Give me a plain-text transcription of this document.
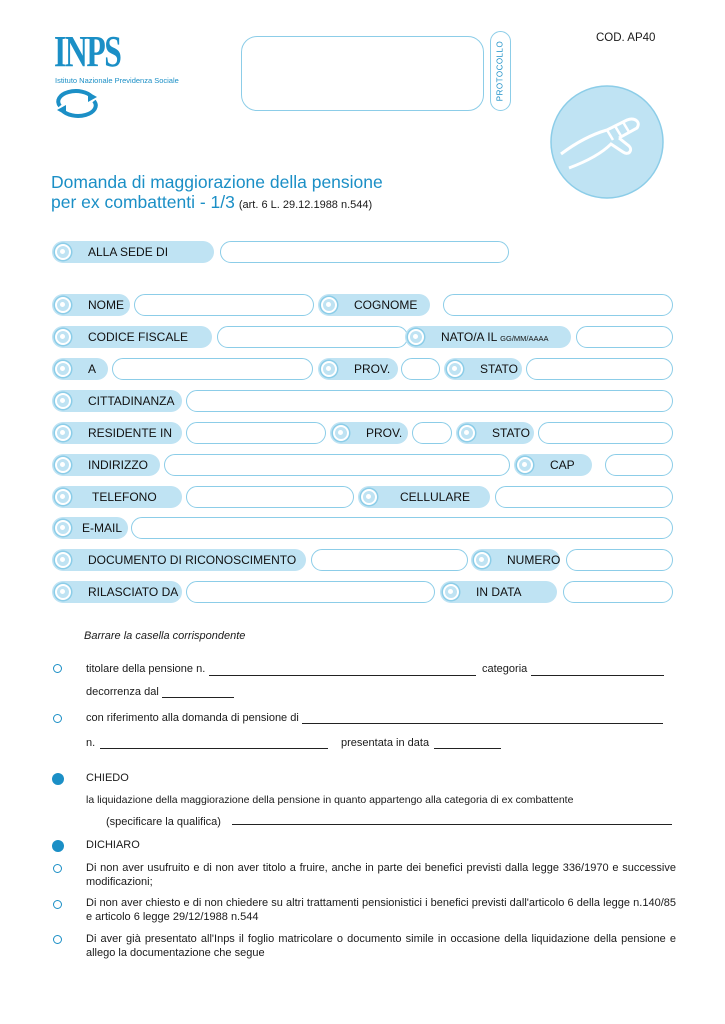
INPS
Istituto Nazionale Previdenza Sociale	PROTOCOLLO
COD. AP40
Domanda di maggiorazione della pensione
per ex combattenti - 1/3 (art. 6 L. 29.12.1988 n.544)
ALLA SEDE DI
NOME	COGNOME
CODICE FISCALE	NATO/A IL GG/MM/AAAA
A	PROV.	STATO
CITTADINANZA
RESIDENTE IN	PROV.	STATO
INDIRIZZO	CAP
TELEFONO	CELLULARE
E-MAIL
DOCUMENTO DI RICONOSCIMENTO	NUMERO
RILASCIATO DA	IN DATA
Barrare la casella corrispondente
titolare della pensione n.	categoria
decorrenza dal
con riferimento alla domanda di pensione di
n.	presentata in data
CHIEDO
la liquidazione della maggiorazione della pensione in quanto appartengo alla categoria di ex combattente
(specificare la qualifica)
DICHIARO
Di non aver usufruito e di non aver titolo a fruire, anche in parte dei benefici previsti dalla legge 336/1970 e successive modificazioni;
Di non aver chiesto e di non chiedere su altri trattamenti pensionistici i benefici previsti dall'articolo 6 della legge n.140/85 e articolo 6 legge 29/12/1988 n.544
Di aver già presentato all'Inps il foglio matricolare o documento simile in occasione della liquidazione della pensione e allego la documentazione che segue
